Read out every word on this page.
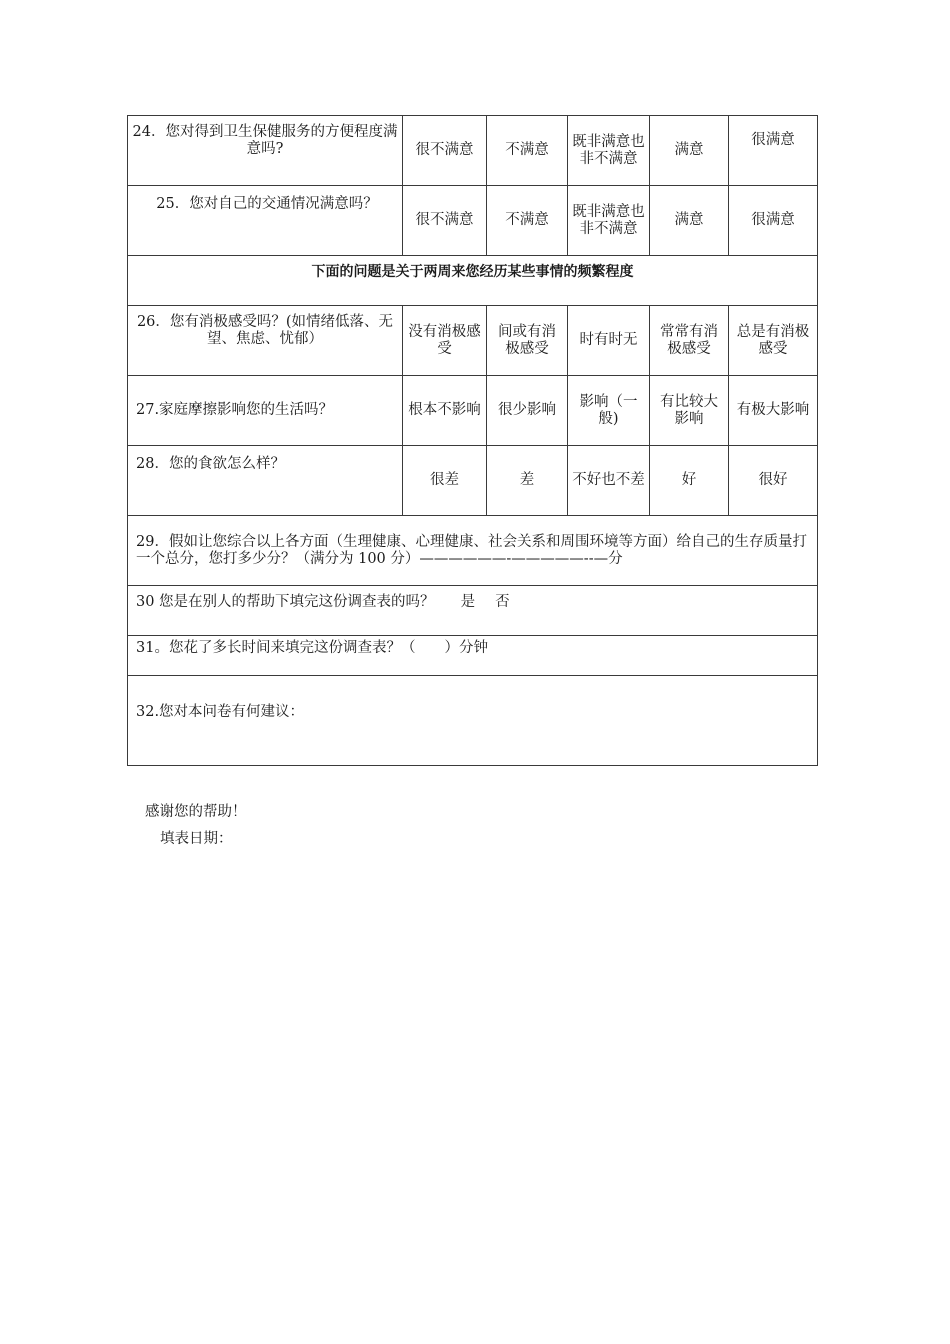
24．您对得到卫生保健服务的方便程度满意吗?	很不满意	不满意	既非满意也非不满意	满意	很满意
25．您对自己的交通情况满意吗？	很不满意	不满意	既非满意也非不满意	满意	很满意
下面的问题是关于两周来您经历某些事情的频繁程度					
26．您有消极感受吗？(如情绪低落、无望、焦虑、忧郁）	没有消极感受	间或有消极感受	时有时无	常常有消极感受	总是有消极感受
27.家庭摩擦影响您的生活吗？	根本不影响	很少影响	影响（一般)	有比较大影响	有极大影响
28．您的食欲怎么样？	很差	差	不好也不差	好	很好
29．假如让您综合以上各方面（生理健康、心理健康、社会关系和周围环境等方面）给自己的生存质量打一个总分，您打多少分？（满分为 100 分）——————-—————--—分					
30 您是在别人的帮助下填完这份调查表的吗？ 是 否					
31。您花了多长时间来填完这份调查表？（　　）分钟					
32.您对本问卷有何建议：					
感谢您的帮助！
填表日期：
